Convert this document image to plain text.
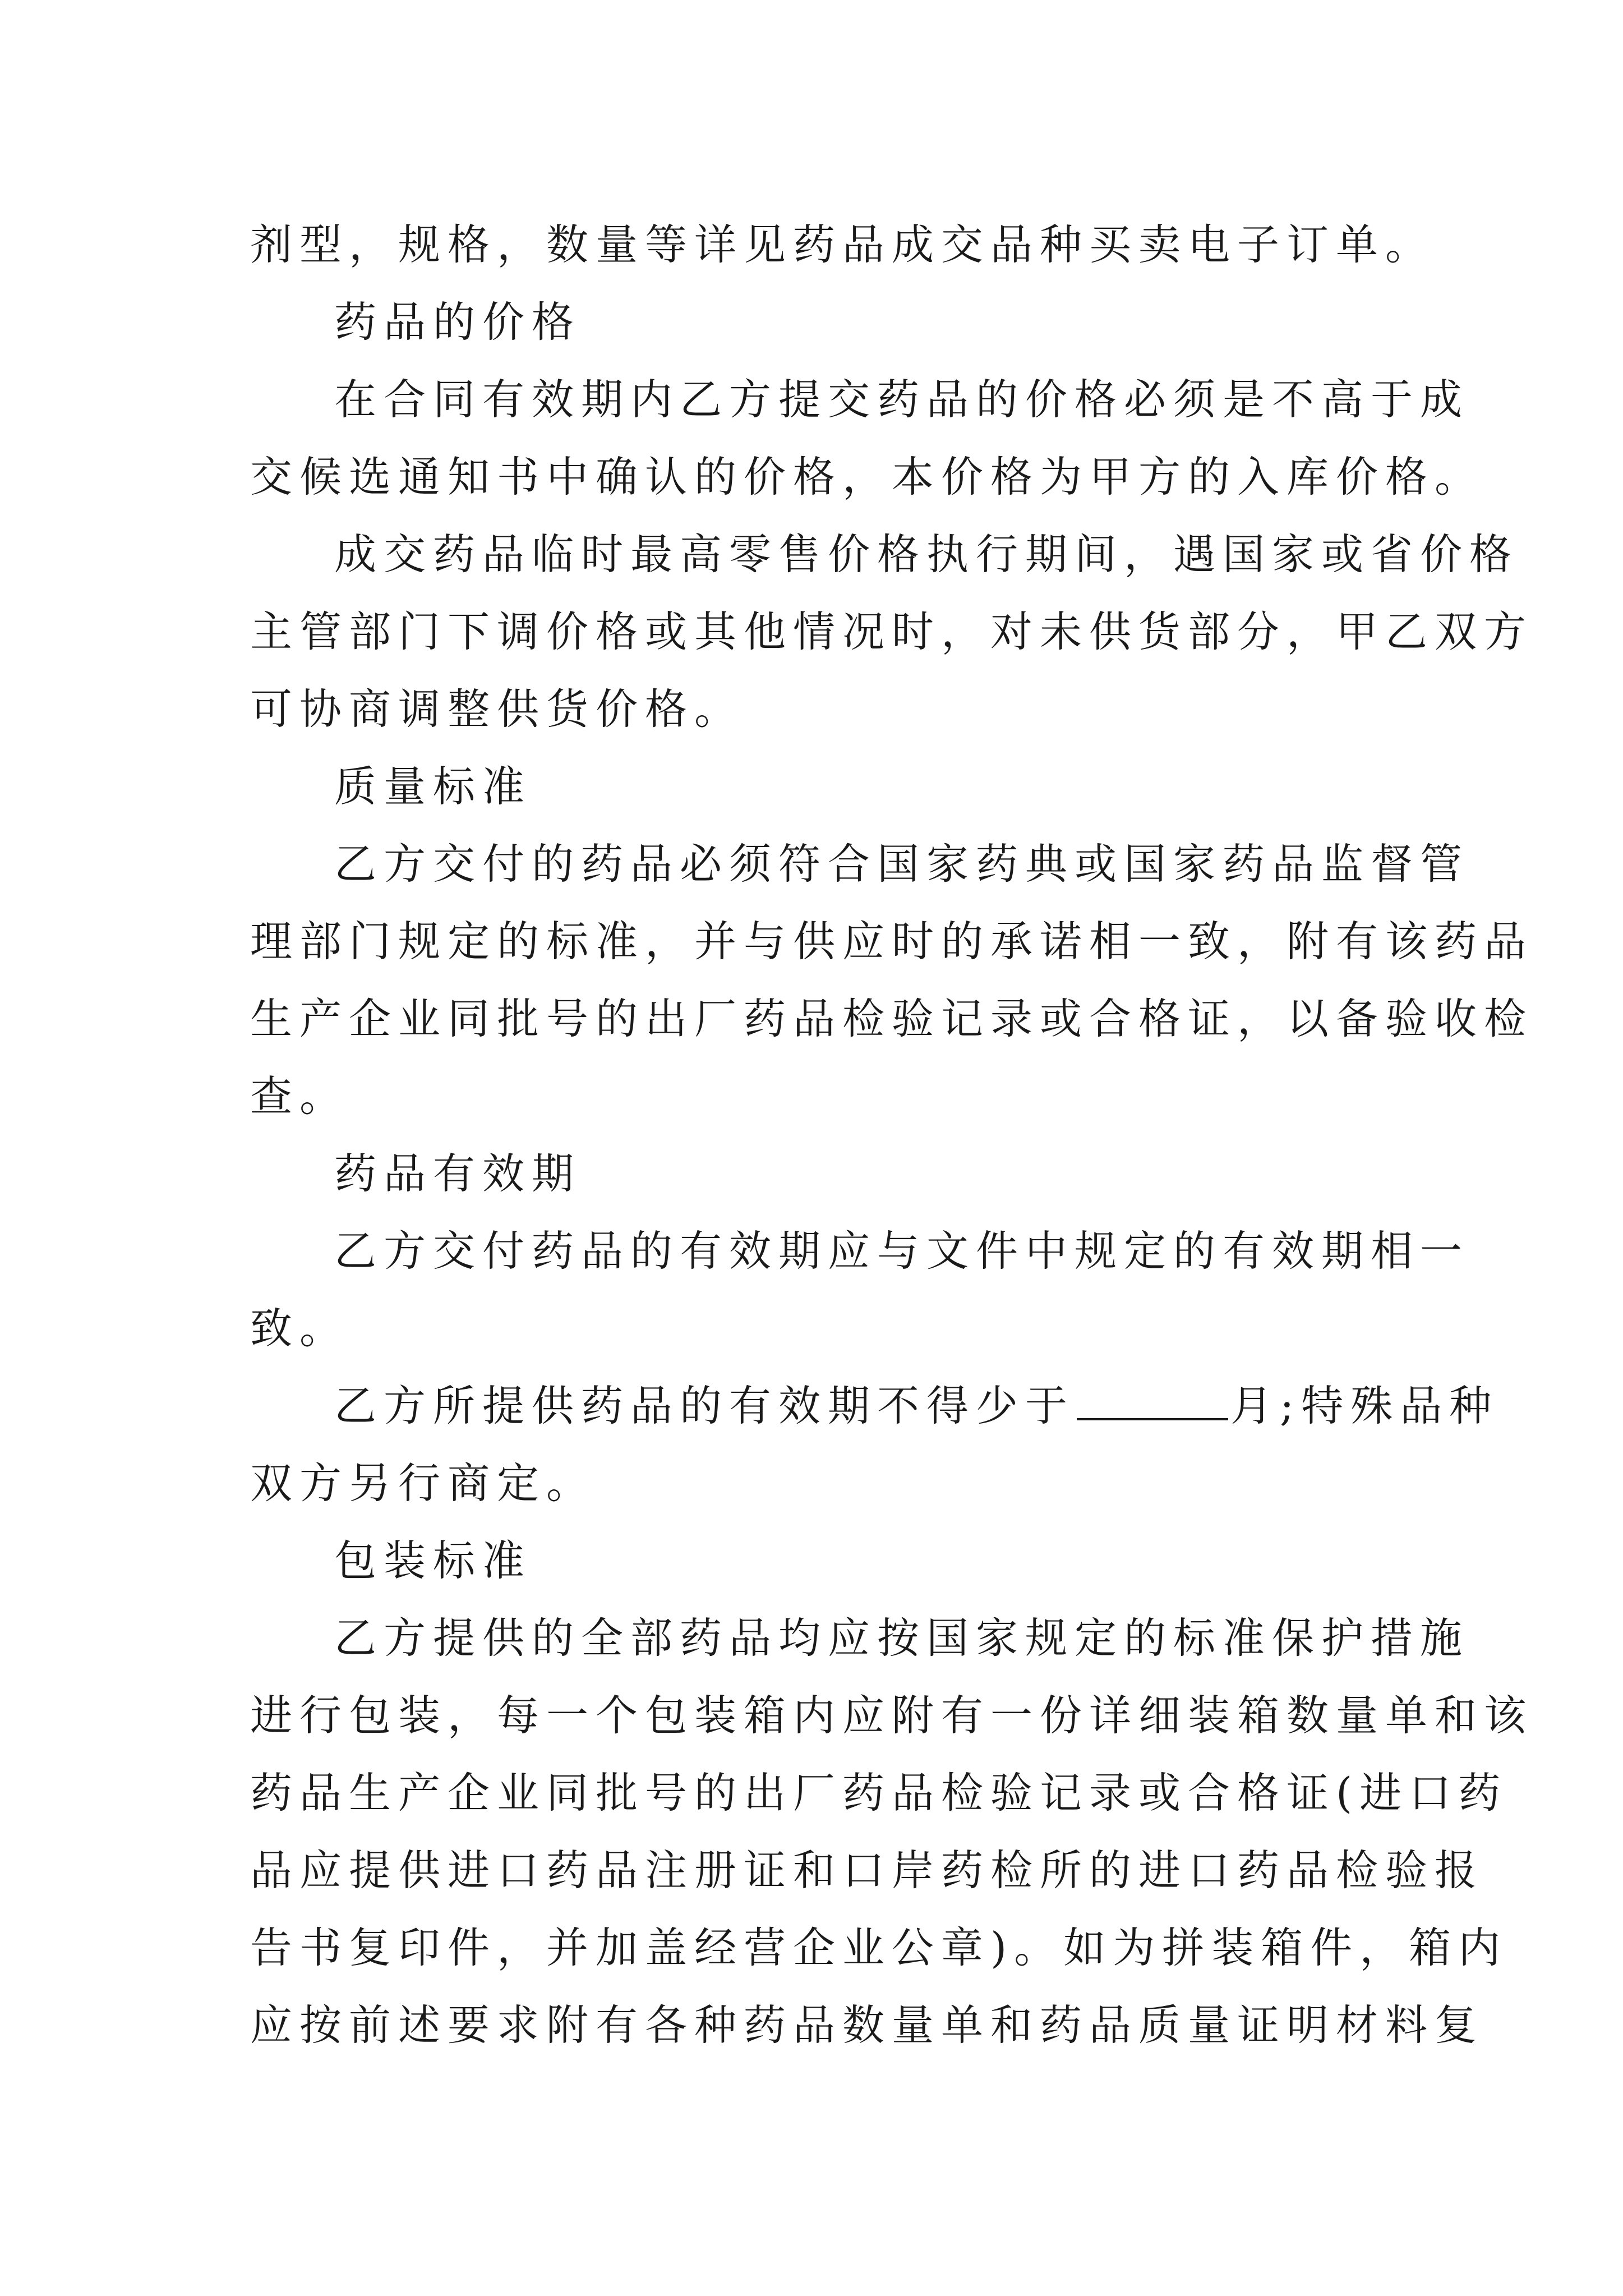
剂型，规格，数量等详见药品成交品种买卖电子订单。
药品的价格
在合同有效期内乙方提交药品的价格必须是不高于成
交候选通知书中确认的价格，本价格为甲方的入库价格。
成交药品临时最高零售价格执行期间，遇国家或省价格
主管部门下调价格或其他情况时，对未供货部分，甲乙双方
可协商调整供货价格。
质量标准
乙方交付的药品必须符合国家药典或国家药品监督管
理部门规定的标准，并与供应时的承诺相一致，附有该药品
生产企业同批号的出厂药品检验记录或合格证，以备验收检
查。
药品有效期
乙方交付药品的有效期应与文件中规定的有效期相一
致。
乙方所提供药品的有效期不得少于	月;特殊品种
双方另行商定。
包装标准
乙方提供的全部药品均应按国家规定的标准保护措施
进行包装，每一个包装箱内应附有一份详细装箱数量单和该
药品生产企业同批号的出厂药品检验记录或合格证(进口药
品应提供进口药品注册证和口岸药检所的进口药品检验报
告书复印件，并加盖经营企业公章)。如为拼装箱件，箱内
应按前述要求附有各种药品数量单和药品质量证明材料复
